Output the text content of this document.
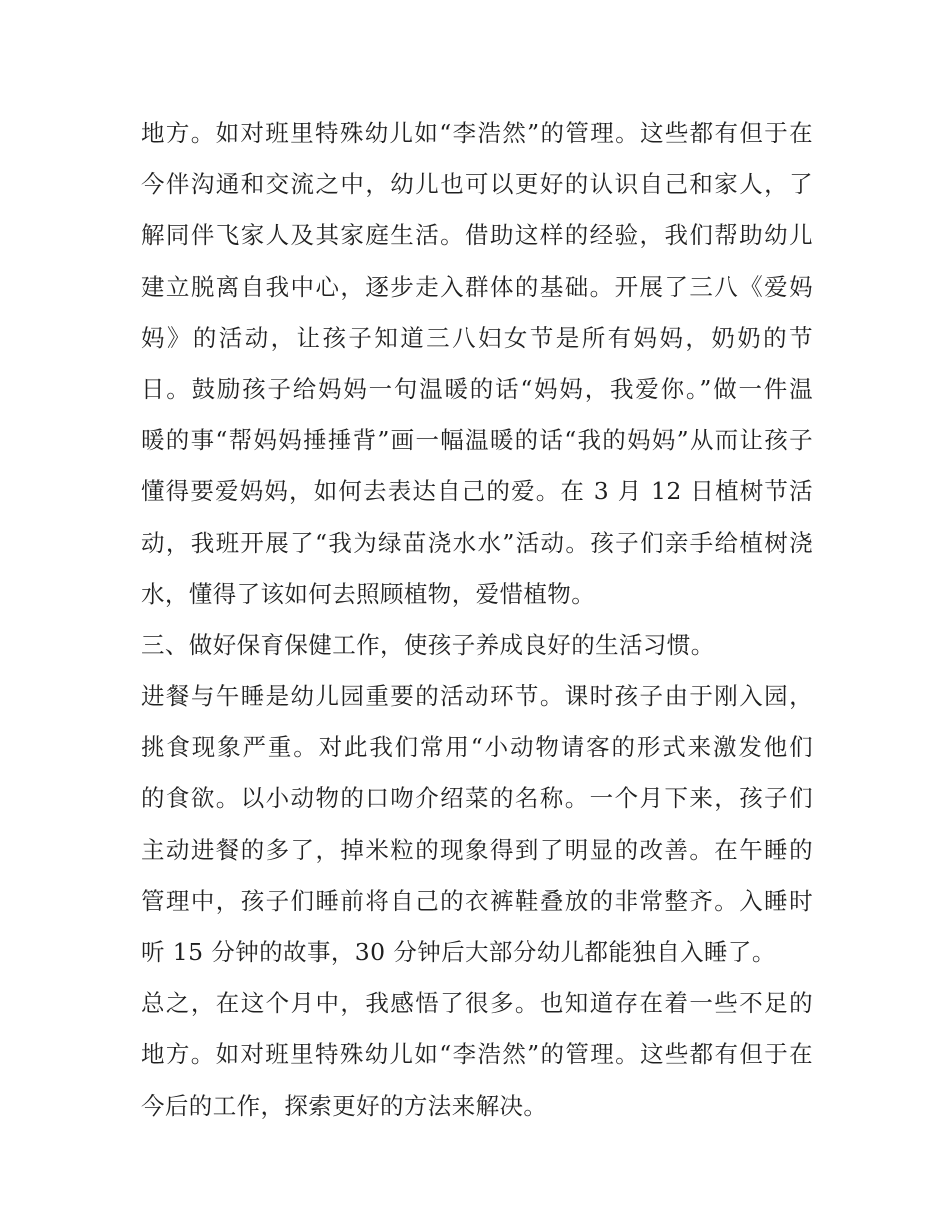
地方。如对班里特殊幼儿如“李浩然”的管理。这些都有但于在
今伴沟通和交流之中，幼儿也可以更好的认识自己和家人，了
解同伴飞家人及其家庭生活。借助这样的经验，我们帮助幼儿
建立脱离自我中心，逐步走入群体的基础。开展了三八《爱妈
妈》的活动，让孩子知道三八妇女节是所有妈妈，奶奶的节
日。鼓励孩子给妈妈一句温暖的话“妈妈，我爱你。”做一件温
暖的事“帮妈妈捶捶背”画一幅温暖的话“我的妈妈”从而让孩子
懂得要爱妈妈，如何去表达自己的爱。在 3 月 12 日植树节活
动，我班开展了“我为绿苗浇水水”活动。孩子们亲手给植树浇
水，懂得了该如何去照顾植物，爱惜植物。
三、做好保育保健工作，使孩子养成良好的生活习惯。
进餐与午睡是幼儿园重要的活动环节。课时孩子由于刚入园，
挑食现象严重。对此我们常用“小动物请客的形式来激发他们
的食欲。以小动物的口吻介绍菜的名称。一个月下来，孩子们
主动进餐的多了，掉米粒的现象得到了明显的改善。在午睡的
管理中，孩子们睡前将自己的衣裤鞋叠放的非常整齐。入睡时
听 15 分钟的故事，30 分钟后大部分幼儿都能独自入睡了。
总之，在这个月中，我感悟了很多。也知道存在着一些不足的
地方。如对班里特殊幼儿如“李浩然”的管理。这些都有但于在
今后的工作，探索更好的方法来解决。
